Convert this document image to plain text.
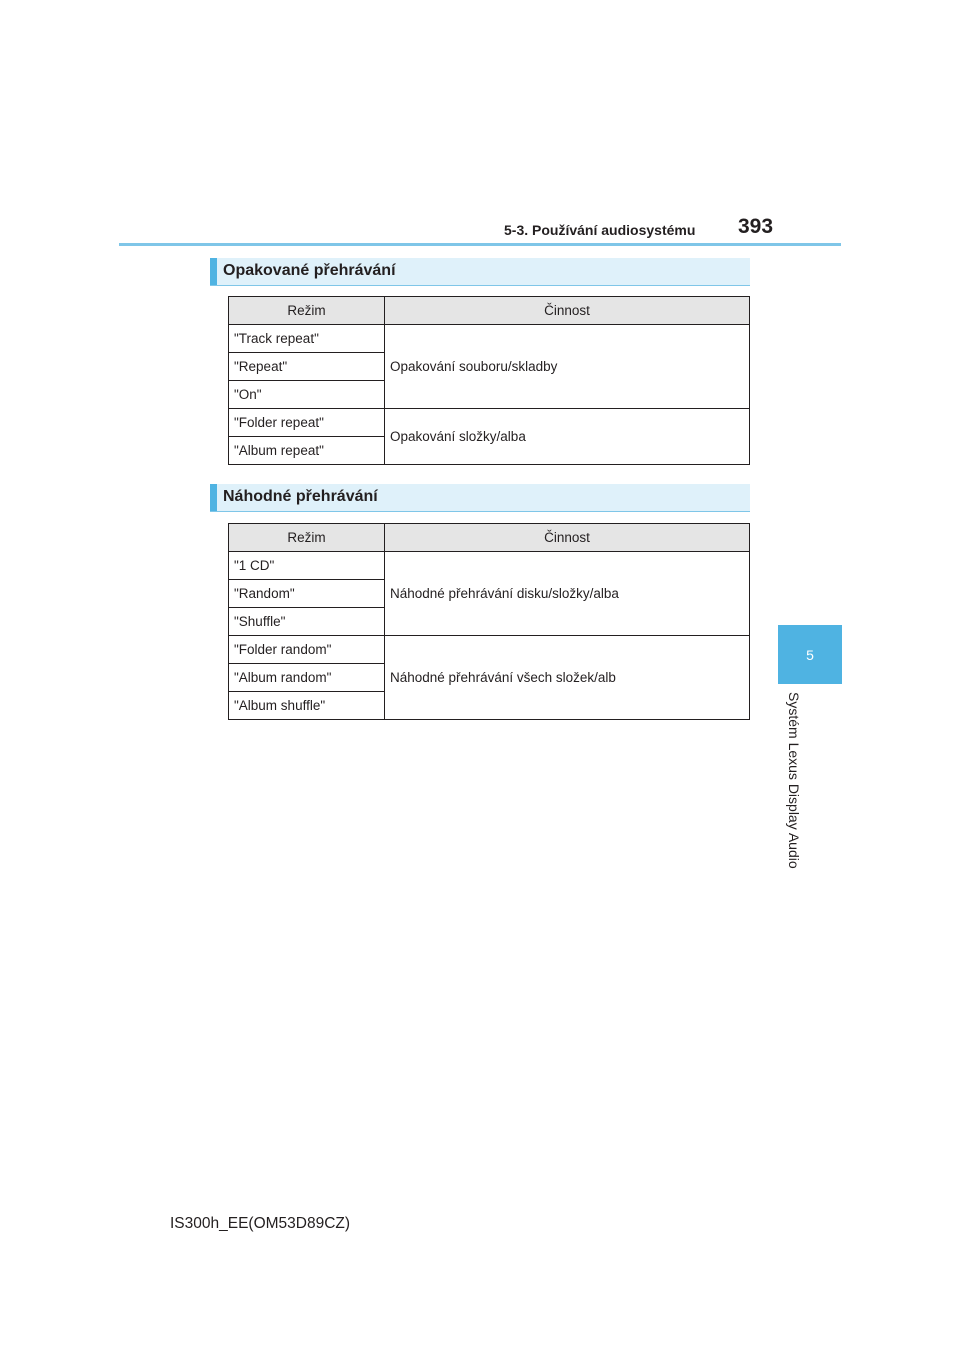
5-3. Používání audiosystému 393
5
Systém Lexus Display Audio
Opakované přehrávání
Režim	Činnost
"Track repeat"	Opakování souboru/skladby
"Repeat"	
"On"	
"Folder repeat"	Opakování složky/alba
"Album repeat"	
Náhodné přehrávání
Režim	Činnost
"1 CD"	Náhodné přehrávání disku/složky/alba
"Random"	
"Shuffle"	
"Folder random"	Náhodné přehrávání všech složek/alb
"Album random"	
"Album shuffle"	
IS300h_EE(OM53D89CZ)
